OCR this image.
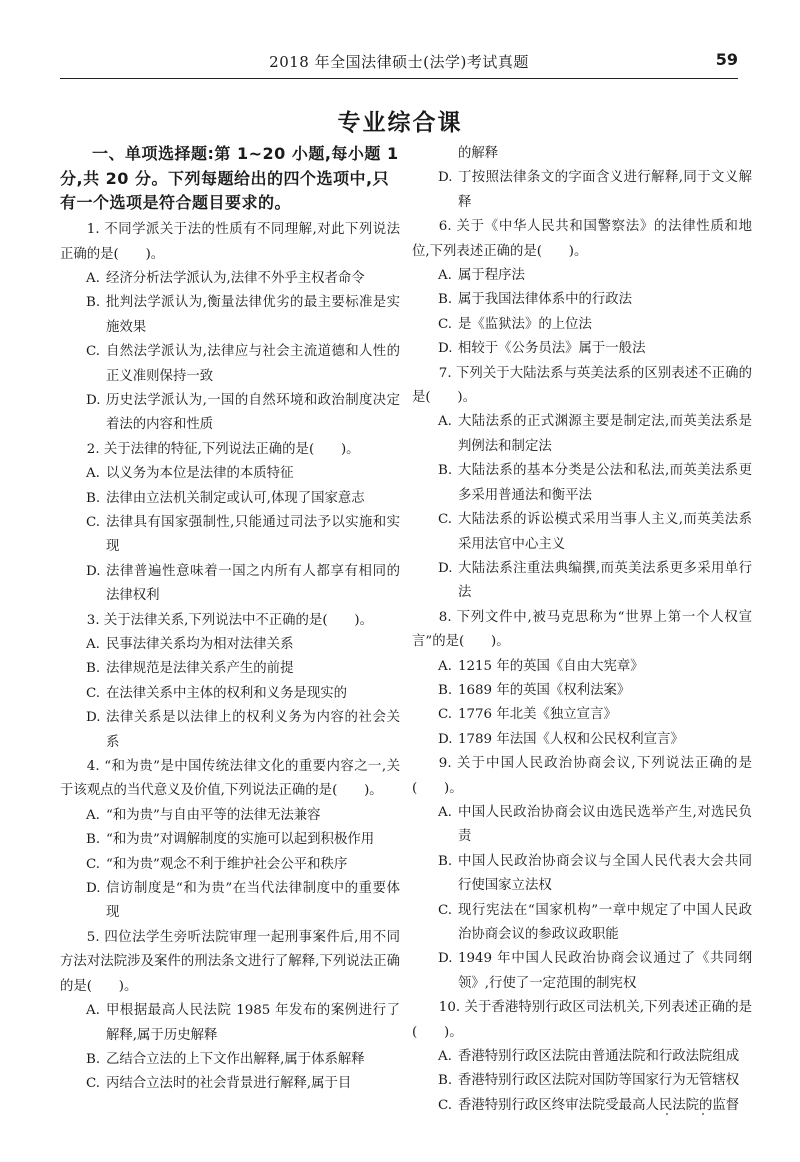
2018 年全国法律硕士(法学)考试真题	59
专业综合课

一、单项选择题:第 1~20 小题,每小题 1 分,共 20 分。下列每题给出的四个选项中,只有一个选项是符合题目要求的。

1. 不同学派关于法的性质有不同理解,对此下列说法正确的是(　　)。

A. 经济分析法学派认为,法律不外乎主权者命令
B. 批判法学派认为,衡量法律优劣的最主要标准是实施效果
C. 自然法学派认为,法律应与社会主流道德和人性的正义准则保持一致
D. 历史法学派认为,一国的自然环境和政治制度决定着法的内容和性质

2. 关于法律的特征,下列说法正确的是(　　)。

A. 以义务为本位是法律的本质特征
B. 法律由立法机关制定或认可,体现了国家意志
C. 法律具有国家强制性,只能通过司法予以实施和实现
D. 法律普遍性意味着一国之内所有人都享有相同的法律权利

3. 关于法律关系,下列说法中不正确的是(　　)。

A. 民事法律关系均为相对法律关系
B. 法律规范是法律关系产生的前提
C. 在法律关系中主体的权利和义务是现实的
D. 法律关系是以法律上的权利义务为内容的社会关系

4. “和为贵”是中国传统法律文化的重要内容之一,关于该观点的当代意义及价值,下列说法正确的是(　　)。

A. “和为贵”与自由平等的法律无法兼容
B. “和为贵”对调解制度的实施可以起到积极作用
C. “和为贵”观念不利于维护社会公平和秩序
D. 信访制度是“和为贵”在当代法律制度中的重要体现

5. 四位法学生旁听法院审理一起刑事案件后,用不同方法对法院涉及案件的刑法条文进行了解释,下列说法正确的是(　　)。

A. 甲根据最高人民法院 1985 年发布的案例进行了解释,属于历史解释
B. 乙结合立法的上下文作出解释,属于体系解释
C. 丙结合立法时的社会背景进行解释,属于目

的解释

D. 丁按照法律条文的字面含义进行解释,同于文义解释

6. 关于《中华人民共和国警察法》的法律性质和地位,下列表述正确的是(　　)。

A. 属于程序法
B. 属于我国法律体系中的行政法
C. 是《监狱法》的上位法
D. 相较于《公务员法》属于一般法

7. 下列关于大陆法系与英美法系的区别表述不正确的是(　　)。

A. 大陆法系的正式渊源主要是制定法,而英美法系是判例法和制定法
B. 大陆法系的基本分类是公法和私法,而英美法系更多采用普通法和衡平法
C. 大陆法系的诉讼模式采用当事人主义,而英美法系采用法官中心主义
D. 大陆法系注重法典编撰,而英美法系更多采用单行法

8. 下列文件中,被马克思称为“世界上第一个人权宣言”的是(　　)。

A. 1215 年的英国《自由大宪章》
B. 1689 年的英国《权利法案》
C. 1776 年北美《独立宣言》
D. 1789 年法国《人权和公民权利宣言》

9. 关于中国人民政治协商会议,下列说法正确的是(　　)。

A. 中国人民政治协商会议由选民选举产生,对选民负责
B. 中国人民政治协商会议与全国人民代表大会共同行使国家立法权
C. 现行宪法在“国家机构”一章中规定了中国人民政治协商会议的参政议政职能
D. 1949 年中国人民政治协商会议通过了《共同纲领》,行使了一定范围的制宪权

10. 关于香港特别行政区司法机关,下列表述正确的是(　　)。

A. 香港特别行政区法院由普通法院和行政法院组成
B. 香港特别行政区法院对国防等国家行为无管辖权
C. 香港特别行政区终审法院受最高人民法院的监督
